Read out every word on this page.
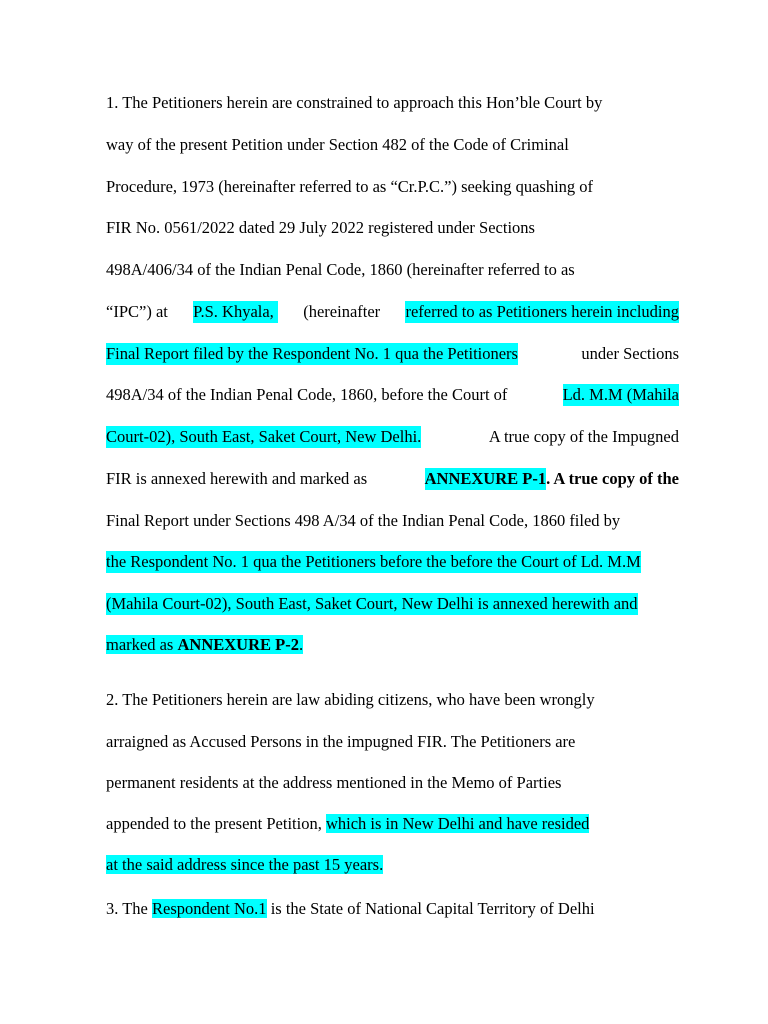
1. The Petitioners herein are constrained to approach this Hon’ble Court by
way of the present Petition under Section 482 of the Code of Criminal
Procedure, 1973 (hereinafter referred to as “Cr.P.C.”) seeking quashing of
FIR No. 0561/2022 dated 29 July 2022 registered under Sections
498A/406/34 of the Indian Penal Code, 1860 (hereinafter referred to as
“IPC”) at P.S. Khyala, (hereinafter referred to as Petitioners herein including
Final Report filed by the Respondent No. 1 qua the Petitioners	under Sections
498A/34 of the Indian Penal Code, 1860, before the Court of	Ld. M.M (Mahila
Court-02), South East, Saket Court, New Delhi.	A true copy of the Impugned
FIR is annexed herewith and marked as	ANNEXURE P-1 . A true copy of the
Final Report under Sections 498 A/34 of the Indian Penal Code, 1860 filed by
the Respondent No. 1 qua the Petitioners before the before the Court of Ld. M.M
(Mahila Court-02), South East, Saket Court, New Delhi is annexed herewith and
marked as ANNEXURE P-2.
2. The Petitioners herein are law abiding citizens, who have been wrongly
arraigned as Accused Persons in the impugned FIR. The Petitioners are
permanent residents at the address mentioned in the Memo of Parties
appended to the present Petition, which is in New Delhi and have resided
at the said address since the past 15 years.
3. The Respondent No.1 is the State of National Capital Territory of Delhi
